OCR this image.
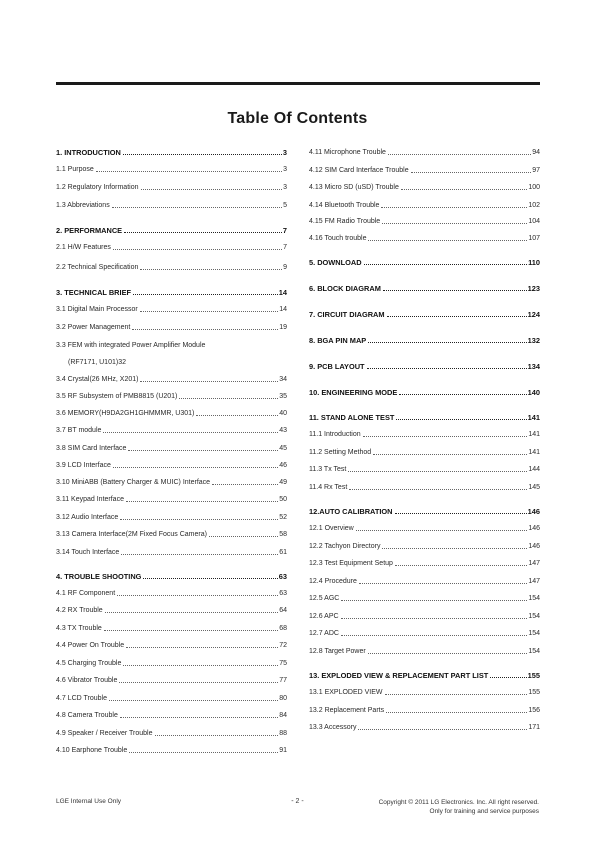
Table Of Contents
1. INTRODUCTION	3
1.1 Purpose	3
1.2 Regulatory Information	3
1.3 Abbreviations	5
2. PERFORMANCE	7
2.1 H/W Features	7
2.2 Technical Specification	9
3. TECHNICAL BRIEF	14
3.1 Digital Main Processor	14
3.2 Power Management	19
3.3 FEM with integrated Power Amplifier Module
(RF7171, U101) 32
3.4 Crystal(26 MHz, X201)	34
3.5 RF Subsystem of PMB8815 (U201)	35
3.6 MEMORY(H9DA2GH1GHMMMR, U301)	40
3.7 BT module	43
3.8 SIM Card Interface	45
3.9 LCD Interface	46
3.10 MiniABB (Battery Charger & MUIC) Interface	49
3.11 Keypad Interface	50
3.12 Audio Interface	52
3.13 Camera Interface(2M Fixed Focus Camera)	58
3.14 Touch Interface	61
4. TROUBLE SHOOTING	63
4.1 RF Component	63
4.2 RX Trouble	64
4.3 TX Trouble	68
4.4 Power On Trouble	72
4.5 Charging Trouble	75
4.6 Vibrator Trouble	77
4.7 LCD Trouble	80
4.8 Camera Trouble	84
4.9 Speaker / Receiver Trouble	88
4.10 Earphone Trouble	91
4.11 Microphone Trouble	94
4.12 SIM Card Interface Trouble	97
4.13 Micro SD (uSD) Trouble	100
4.14 Bluetooth Trouble	102
4.15 FM Radio Trouble	104
4.16 Touch trouble	107
5. DOWNLOAD	110
6. BLOCK DIAGRAM	123
7. CIRCUIT DIAGRAM	124
8. BGA PIN MAP	132
9. PCB LAYOUT	134
10. ENGINEERING MODE	140
11. STAND ALONE TEST	141
11.1 Introduction	141
11.2 Setting Method	141
11.3 Tx Test	144
11.4 Rx Test	145
12.AUTO CALIBRATION	146
12.1 Overview	146
12.2 Tachyon Directory	146
12.3 Test Equipment Setup	147
12.4 Procedure	147
12.5 AGC	154
12.6 APC	154
12.7 ADC	154
12.8 Target Power	154
13. EXPLODED VIEW & REPLACEMENT PART LIST	155
13.1 EXPLODED VIEW	155
13.2 Replacement Parts	156
13.3 Accessory	171
LGE Internal Use Only	- 2 -	Copyright © 2011 LG Electronics. Inc. All right reserved.
Only for training and service purposes
